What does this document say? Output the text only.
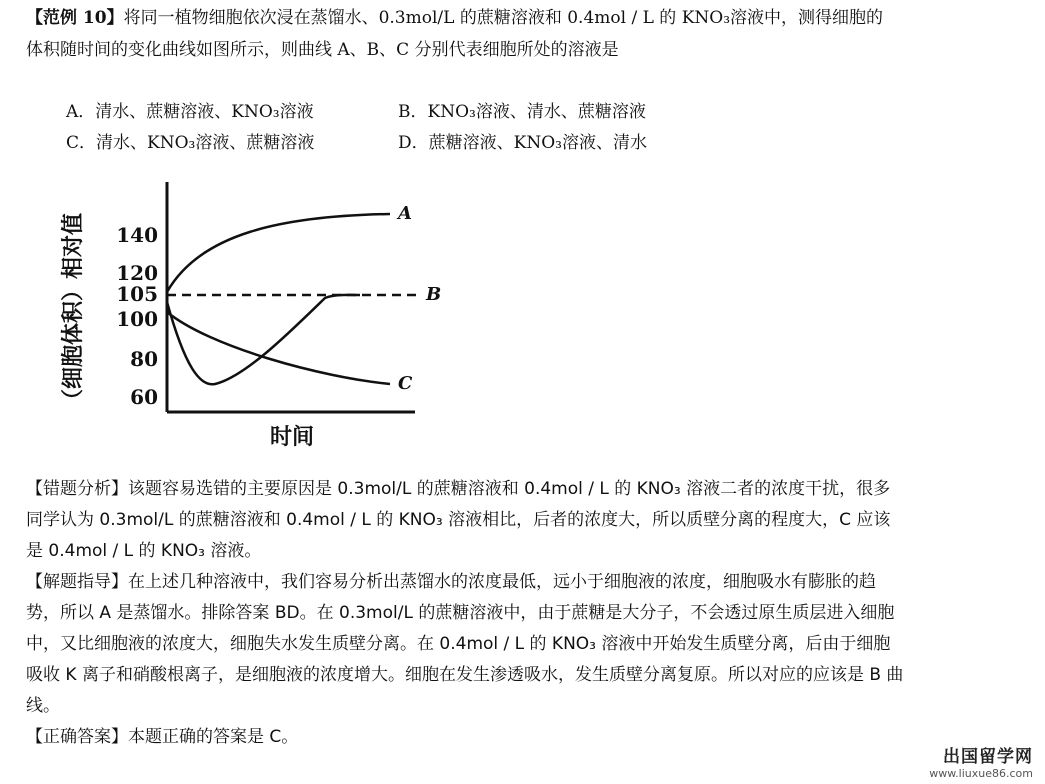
【范例 10】将同一植物细胞依次浸在蒸馏水、0.3mol/L 的蔗糖溶液和 0.4mol / L 的 KNO₃溶液中，测得细胞的体积随时间的变化曲线如图所示，则曲线 A、B、C 分别代表细胞所处的溶液是
A．清水、蔗糖溶液、KNO₃溶液	B．KNO₃溶液、清水、蔗糖溶液
C．清水、KNO₃溶液、蔗糖溶液	D．蔗糖溶液、KNO₃溶液、清水
（细胞体积）相对值 140
120
105
100
80
60
A
B
C
时间

【错题分析】该题容易选错的主要原因是 0.3mol/L 的蔗糖溶液和 0.4mol / L 的 KNO₃ 溶液二者的浓度干扰，很多同学认为 0.3mol/L 的蔗糖溶液和 0.4mol / L 的 KNO₃ 溶液相比，后者的浓度大，所以质壁分离的程度大，C 应该是 0.4mol / L 的 KNO₃ 溶液。

【解题指导】在上述几种溶液中，我们容易分析出蒸馏水的浓度最低，远小于细胞液的浓度，细胞吸水有膨胀的趋势，所以 A 是蒸馏水。排除答案 BD。在 0.3mol/L 的蔗糖溶液中，由于蔗糖是大分子，不会透过原生质层进入细胞中，又比细胞液的浓度大，细胞失水发生质壁分离。在 0.4mol / L 的 KNO₃ 溶液中开始发生质壁分离，后由于细胞吸收 K 离子和硝酸根离子，是细胞液的浓度增大。细胞在发生渗透吸水，发生质壁分离复原。所以对应的应该是 B 曲线。

【正确答案】本题正确的答案是 C。

出国留学网
www.liuxue86.com
